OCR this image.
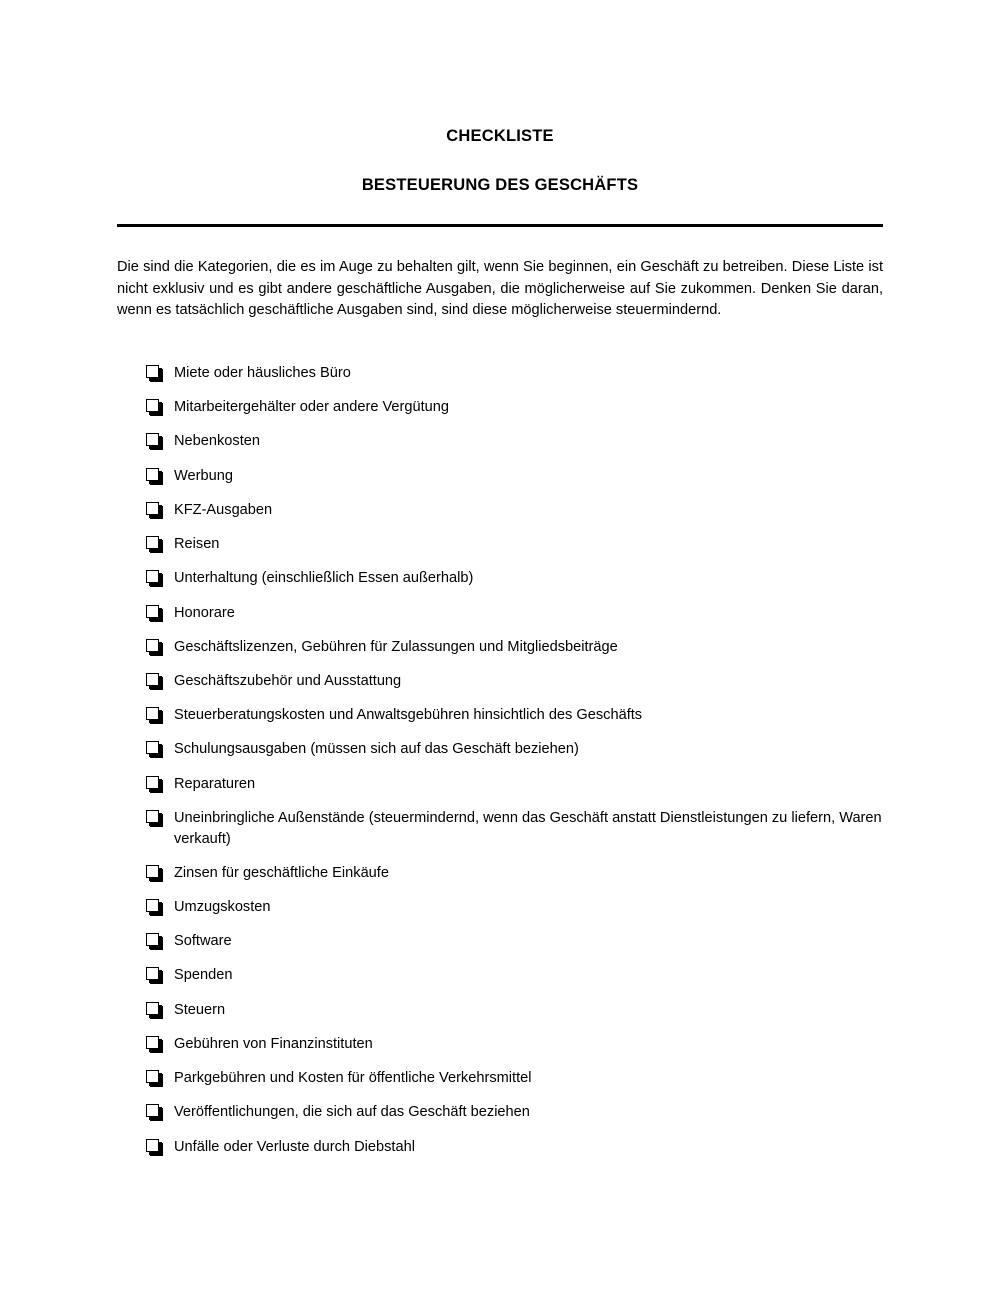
CHECKLISTE
BESTEUERUNG DES GESCHÄFTS

Die sind die Kategorien, die es im Auge zu behalten gilt, wenn Sie beginnen, ein Geschäft zu betreiben. Diese Liste ist nicht exklusiv und es gibt andere geschäftliche Ausgaben, die möglicherweise auf Sie zukommen. Denken Sie daran, wenn es tatsächlich geschäftliche Ausgaben sind, sind diese möglicherweise steuermindernd.

Miete oder häusliches Büro
Mitarbeitergehälter oder andere Vergütung
Nebenkosten
Werbung
KFZ-Ausgaben
Reisen
Unterhaltung (einschließlich Essen außerhalb)
Honorare
Geschäftslizenzen, Gebühren für Zulassungen und Mitgliedsbeiträge
Geschäftszubehör und Ausstattung
Steuerberatungskosten und Anwaltsgebühren hinsichtlich des Geschäfts
Schulungsausgaben (müssen sich auf das Geschäft beziehen)
Reparaturen
Uneinbringliche Außenstände (steuermindernd, wenn das Geschäft anstatt Dienstleistungen zu liefern, Waren verkauft)
Zinsen für geschäftliche Einkäufe
Umzugskosten
Software
Spenden
Steuern
Gebühren von Finanzinstituten
Parkgebühren und Kosten für öffentliche Verkehrsmittel
Veröffentlichungen, die sich auf das Geschäft beziehen
Unfälle oder Verluste durch Diebstahl
